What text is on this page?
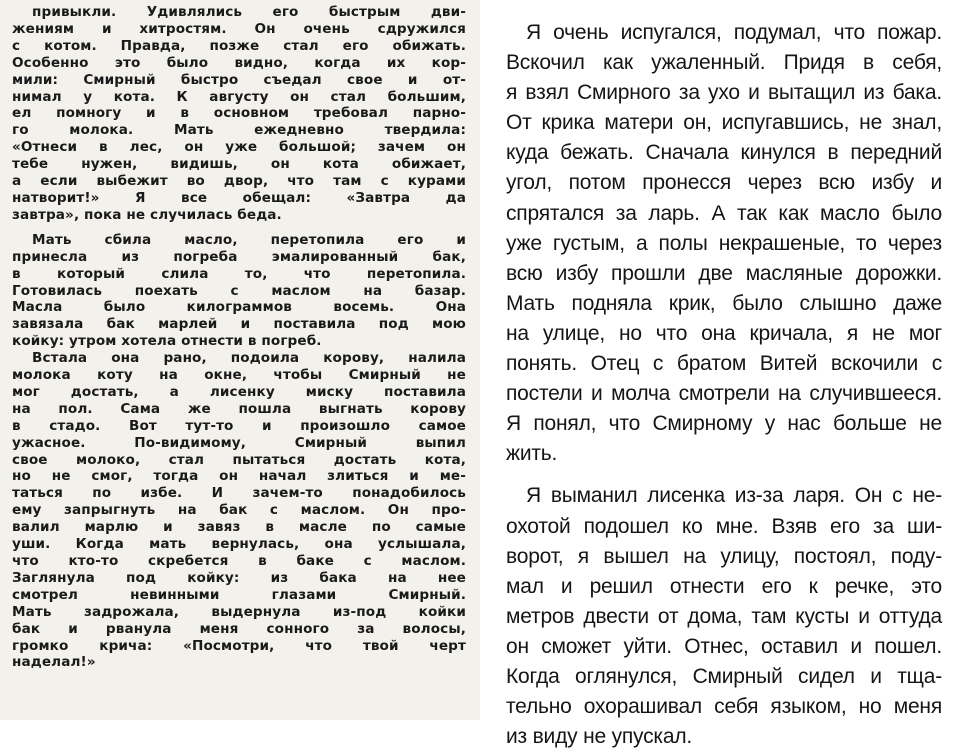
привыкли. Удивлялись его быстрым дви-
жениям и хитростям. Он очень сдружился
с котом. Правда, позже стал его обижать.
Особенно это было видно, когда их кор-
мили: Смирный быстро съедал свое и от-
нимал у кота. К августу он стал большим,
ел помногу и в основном требовал парно-
го молока. Мать ежедневно твердила:
«Отнеси в лес, он уже большой; зачем он
тебе нужен, видишь, он кота обижает,
а если выбежит во двор, что там с курами
натворит!» Я все обещал: «Завтра да
завтра», пока не случилась беда.
Мать сбила масло, перетопила его и
принесла из погреба эмалированный бак,
в который слила то, что перетопила.
Готовилась поехать с маслом на базар.
Масла было килограммов восемь. Она
завязала бак марлей и поставила под мою
койку: утром хотела отнести в погреб.
Встала она рано, подоила корову, налила
молока коту на окне, чтобы Смирный не
мог достать, а лисенку миску поставила
на пол. Сама же пошла выгнать корову
в стадо. Вот тут-то и произошло самое
ужасное. По-видимому, Смирный выпил
свое молоко, стал пытаться достать кота,
но не смог, тогда он начал злиться и ме-
таться по избе. И зачем-то понадобилось
ему запрыгнуть на бак с маслом. Он про-
валил марлю и завяз в масле по самые
уши. Когда мать вернулась, она услышала,
что кто-то скребется в баке с маслом.
Заглянула под койку: из бака на нее
смотрел невинными глазами Смирный.
Мать задрожала, выдернула из-под койки
бак и рванула меня сонного за волосы,
громко крича: «Посмотри, что твой черт
наделал!»
Я очень испугался, подумал, что пожар.
Вскочил как ужаленный. Придя в себя,
я взял Смирного за ухо и вытащил из бака.
От крика матери он, испугавшись, не знал,
куда бежать. Сначала кинулся в передний
угол, потом пронесся через всю избу и
спрятался за ларь. А так как масло было
уже густым, а полы некрашеные, то через
всю избу прошли две масляные дорожки.
Мать подняла крик, было слышно даже
на улице, но что она кричала, я не мог
понять. Отец с братом Витей вскочили с
постели и молча смотрели на случившееся.
Я понял, что Смирному у нас больше не
жить.
Я выманил лисенка из-за ларя. Он с не-
охотой подошел ко мне. Взяв его за ши-
ворот, я вышел на улицу, постоял, поду-
мал и решил отнести его к речке, это
метров двести от дома, там кусты и оттуда
он сможет уйти. Отнес, оставил и пошел.
Когда оглянулся, Смирный сидел и тща-
тельно охорашивал себя языком, но меня
из виду не упускал.
